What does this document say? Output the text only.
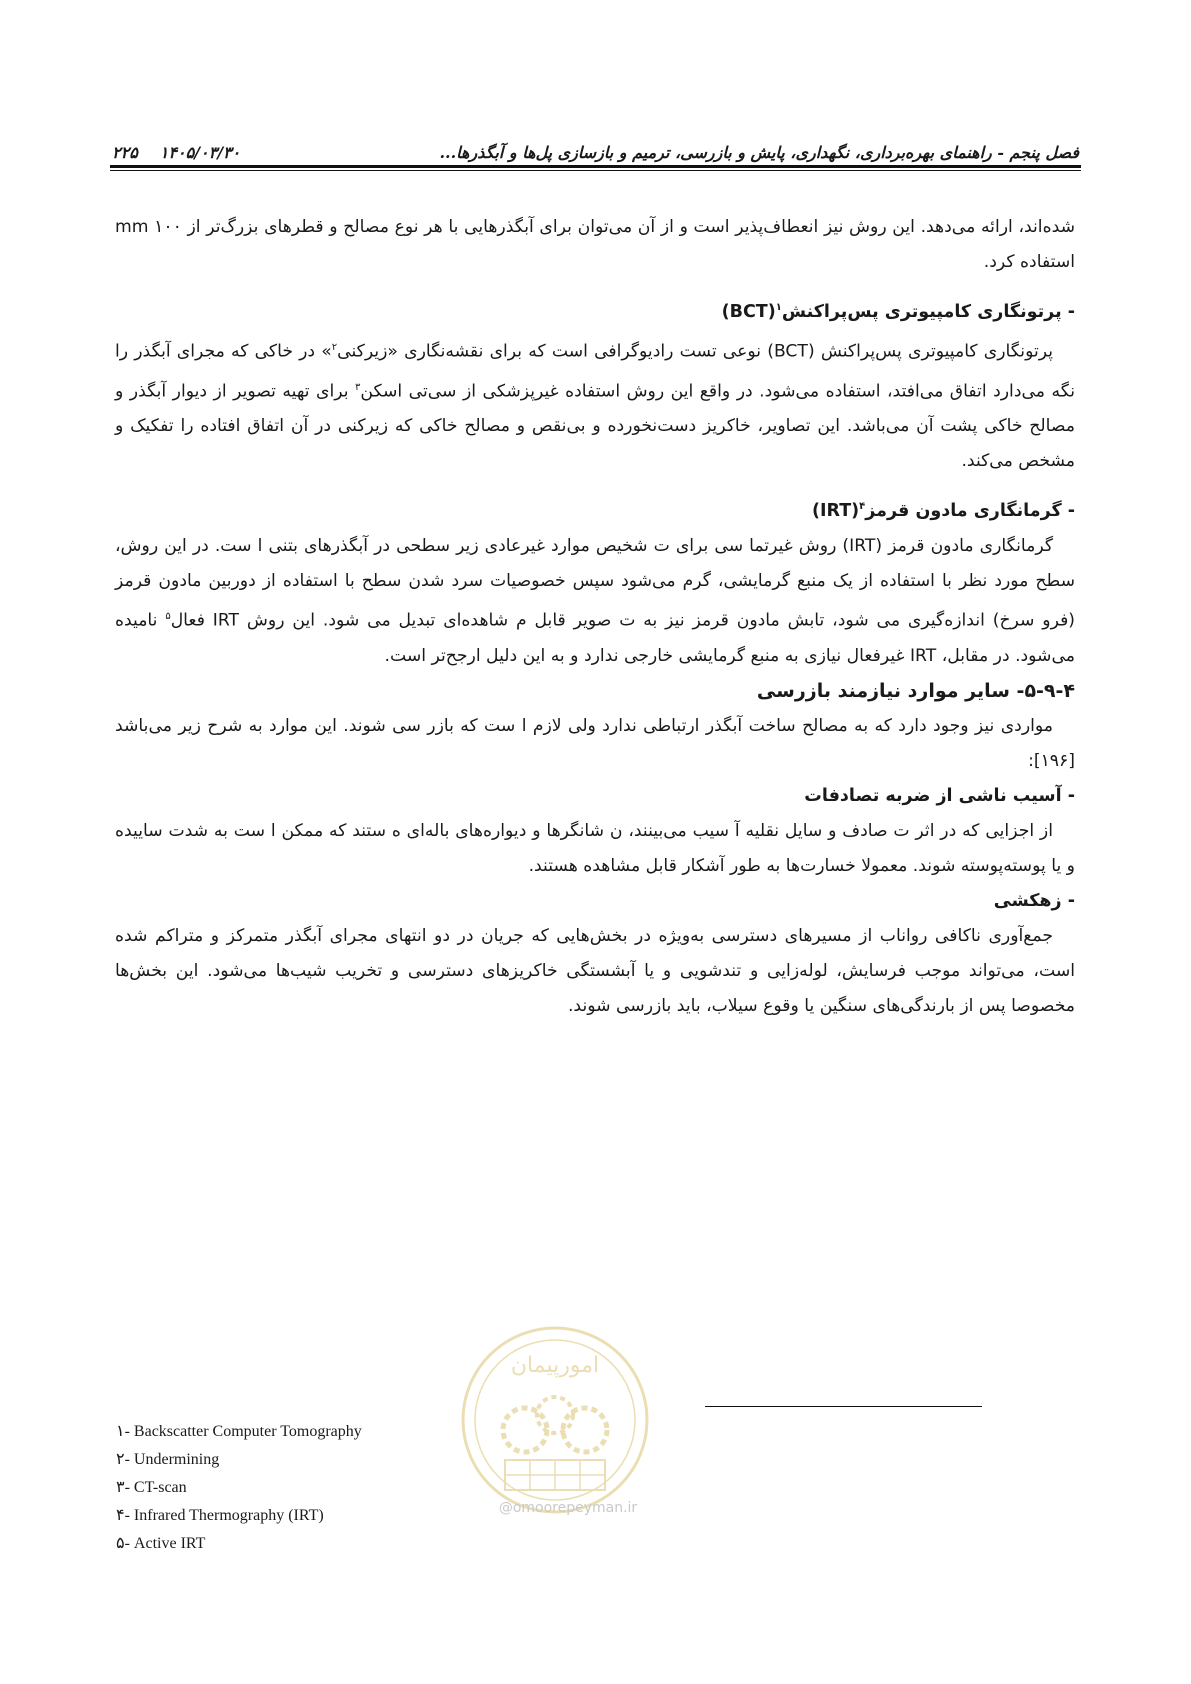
فصل پنجم - راهنمای بهره‌برداری، نگهداری، پایش و بازرسی، ترمیم و بازسازی پل‌ها و آبگذرها...
۱۴۰۵/۰۳/۳۰
۲۲۵

شده‌اند، ارائه می‌دهد. این روش نیز انعطاف‌پذیر است و از آن می‌توان برای آبگذرهایی با هر نوع مصالح و قطرهای بزرگ‌تر از ۱۰۰ mm استفاده کرد.

- پرتونگاری کامپیوتری پس‌پراکنش$^۱$(BCT)

پرتونگاری کامپیوتری پس‌پراکنش (BCT) نوعی تست رادیوگرافی است که برای نقشه‌نگاری «زیرکنی$^۲$» در خاکی که مجرای آبگذر را نگه می‌دارد اتفاق می‌افتد، استفاده می‌شود. در واقع این روش استفاده غیرپزشکی از سی‌تی اسکن$^۳$ برای تهیه تصویر از دیوار آبگذر و مصالح خاکی پشت آن می‌باشد. این تصاویر، خاکریز دست‌نخورده و بی‌نقص و مصالح خاکی که زیرکنی در آن اتفاق افتاده را تفکیک و مشخص می‌کند.

- گرمانگاری مادون قرمز$^۴$(IRT)

گرمانگاری مادون قرمز (IRT) روش غیرتما سی برای ت شخیص موارد غیرعادی زیر سطحی در آبگذرهای بتنی ا ست. در این روش، سطح مورد نظر با استفاده از یک منبع گرمایشی، گرم می‌شود سپس خصوصیات سرد شدن سطح با استفاده از دوربین مادون قرمز (فرو سرخ) اندازه‌گیری می شود، تابش مادون قرمز نیز به ت صویر قابل م شاهده‌ای تبدیل می شود. این روش IRT فعال$^۵$ نامیده می‌شود. در مقابل، IRT غیرفعال نیازی به منبع گرمایشی خارجی ندارد و به این دلیل ارجح‌تر است.

۵-۹-۴- سایر موارد نیازمند بازرسی

مواردی نیز وجود دارد که به مصالح ساخت آبگذر ارتباطی ندارد ولی لازم ا ست که بازر سی شوند. این موارد به شرح زیر می‌باشد [۱۹۶]:

- آسیب ناشی از ضربه تصادفات

از اجزایی که در اثر ت صادف و سایل نقلیه آ سیب می‌بینند، ن شانگرها و دیواره‌های باله‌ای ه ستند که ممکن ا ست به شدت ساییده و یا پوسته‌پوسته شوند. معمولا خسارت‌ها به طور آشکار قابل مشاهده هستند.

- زهکشی

جمع‌آوری ناکافی رواناب از مسیرهای دسترسی به‌ویژه در بخش‌هایی که جریان در دو انتهای مجرای آبگذر متمرکز و متراکم شده است، می‌تواند موجب فرسایش، لوله‌زایی و تندشویی و یا آبشستگی خاکریزهای دسترسی و تخریب شیب‌ها می‌شود. این بخش‌ها مخصوصا پس از بارندگی‌های سنگین یا وقوع سیلاب، باید بازرسی شوند.

امورپیمان
@omoorepeyman.ir
۱- Backscatter Computer Tomography
۲- Undermining
۳- CT-scan
۴- Infrared Thermography (IRT)
۵- Active IRT
